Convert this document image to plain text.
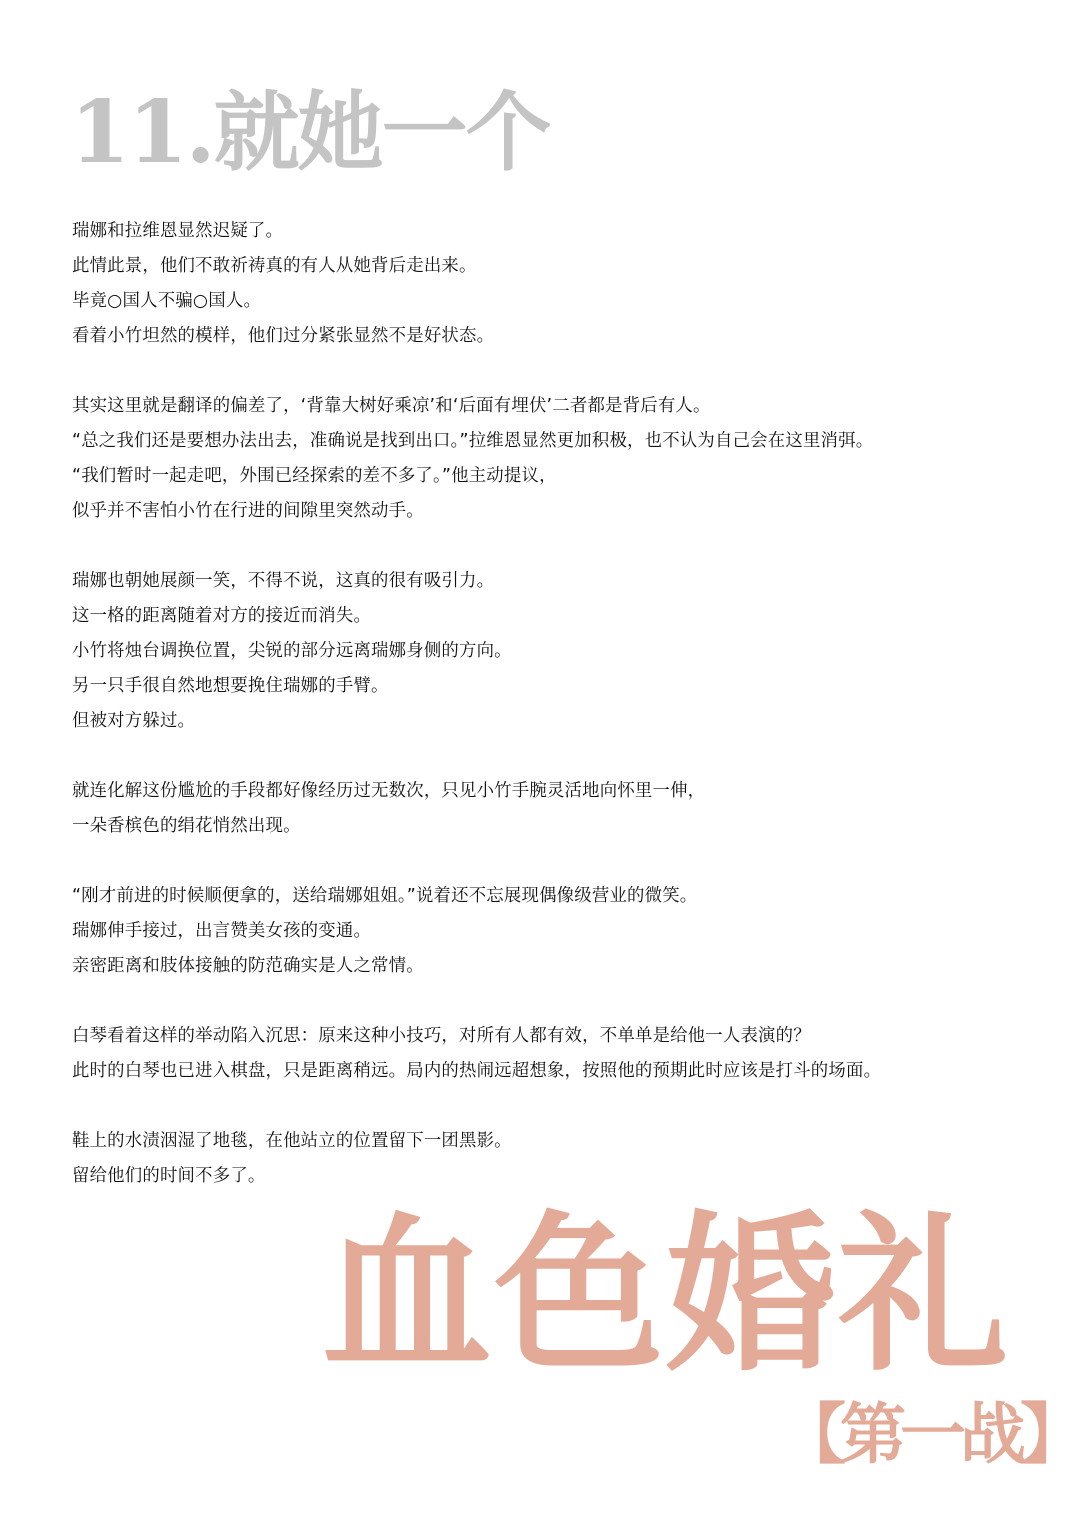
11.就她一个
瑞娜和拉维恩显然迟疑了。
此情此景，他们不敢祈祷真的有人从她背后走出来。
毕竟○国人不骗○国人。
看着小竹坦然的模样，他们过分紧张显然不是好状态。
其实这里就是翻译的偏差了，‘背靠大树好乘凉’和‘后面有埋伏’二者都是背后有人。
“总之我们还是要想办法出去，准确说是找到出口。”拉维恩显然更加积极，也不认为自己会在这里消弭。
“我们暂时一起走吧，外围已经探索的差不多了。”他主动提议，
似乎并不害怕小竹在行进的间隙里突然动手。
瑞娜也朝她展颜一笑，不得不说，这真的很有吸引力。
这一格的距离随着对方的接近而消失。
小竹将烛台调换位置，尖锐的部分远离瑞娜身侧的方向。
另一只手很自然地想要挽住瑞娜的手臂。
但被对方躲过。
就连化解这份尴尬的手段都好像经历过无数次，只见小竹手腕灵活地向怀里一伸，
一朵香槟色的绢花悄然出现。
“刚才前进的时候顺便拿的，送给瑞娜姐姐。”说着还不忘展现偶像级营业的微笑。
瑞娜伸手接过，出言赞美女孩的变通。
亲密距离和肢体接触的防范确实是人之常情。
白琴看着这样的举动陷入沉思：原来这种小技巧，对所有人都有效，不单单是给他一人表演的？
此时的白琴也已进入棋盘，只是距离稍远。局内的热闹远超想象，按照他的预期此时应该是打斗的场面。
鞋上的水渍洇湿了地毯，在他站立的位置留下一团黑影。
留给他们的时间不多了。
血色婚礼
【第一战】
